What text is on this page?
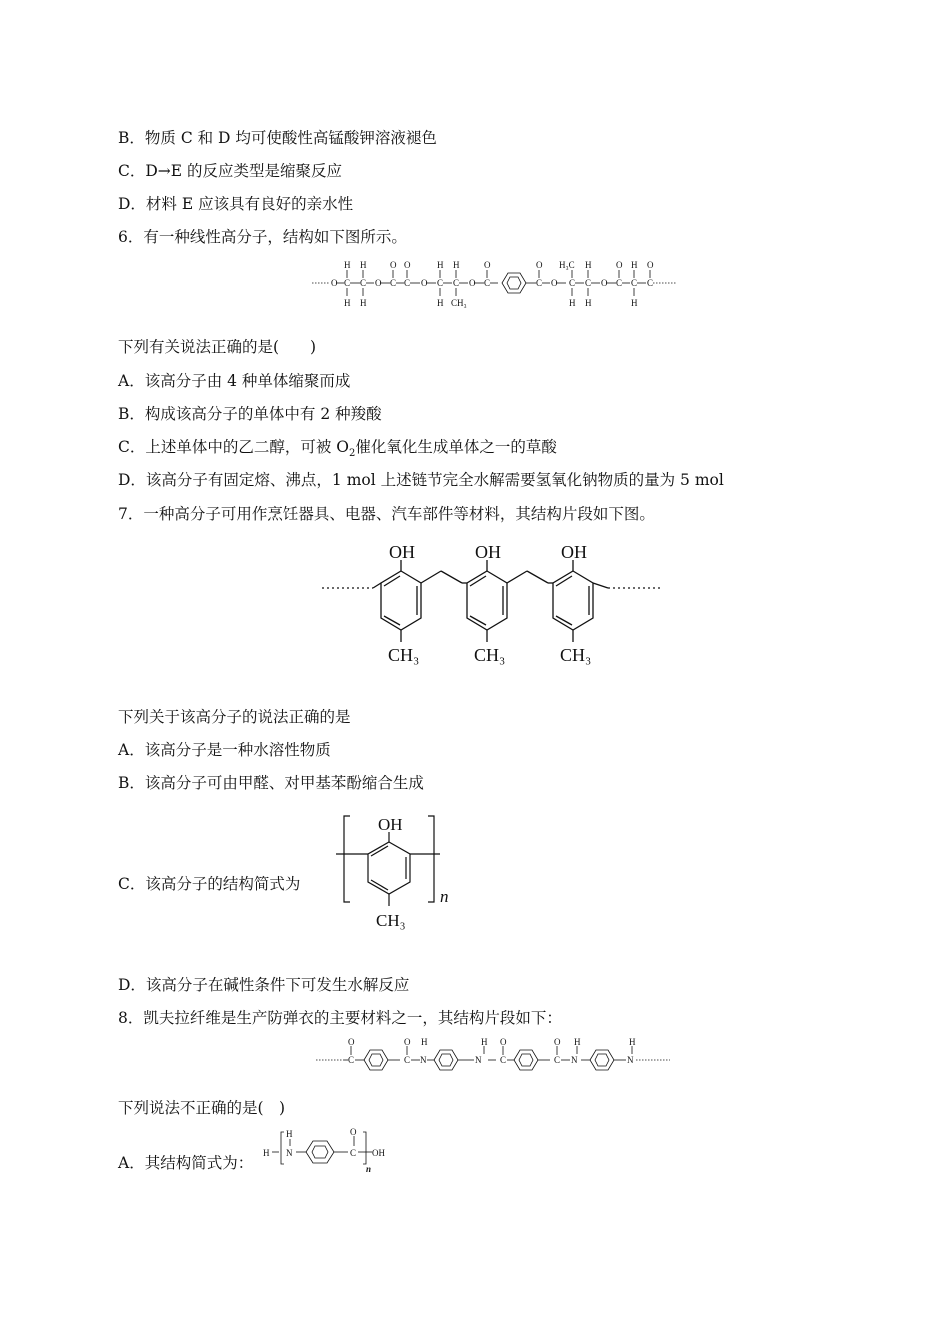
B．物质 C 和 D 均可使酸性高锰酸钾溶液褪色
C．D→E 的反应类型是缩聚反应
D．材料 E 应该具有良好的亲水性
6．有一种线性高分子，结构如下图所示。
O C
H
H
C
H
H
O C
O
C
O
O C
H
H
C
H
CH₃
O C
O
C
O
O C
H₃C
H
C
H
H
O C
O
C
H
H
C
O
下列有关说法正确的是(　　)
A．该高分子由 4 种单体缩聚而成
B．构成该高分子的单体中有 2 种羧酸
C．上述单体中的乙二醇，可被 $O_2$催化氧化生成单体之一的草酸
D．该高分子有固定熔、沸点，1 mol 上述链节完全水解需要氢氧化钠物质的量为 5 mol
7．一种高分子可用作烹饪器具、电器、汽车部件等材料，其结构片段如下图。
OH	OH	OH
CH₃	CH₃	CH₃
下列关于该高分子的说法正确的是
A．该高分子是一种水溶性物质
B．该高分子可由甲醛、对甲基苯酚缩合生成
C．该高分子的结构简式为
OH
CH₃
n
D．该高分子在碱性条件下可发生水解反应
8．凯夫拉纤维是生产防弹衣的主要材料之一，其结构片段如下：
C
O
C
O
N
H
N
H
C
O
C
O
N
H
N
H
下列说法不正确的是(　)
A．其结构简式为：
H N
H
C
O
OH
n
